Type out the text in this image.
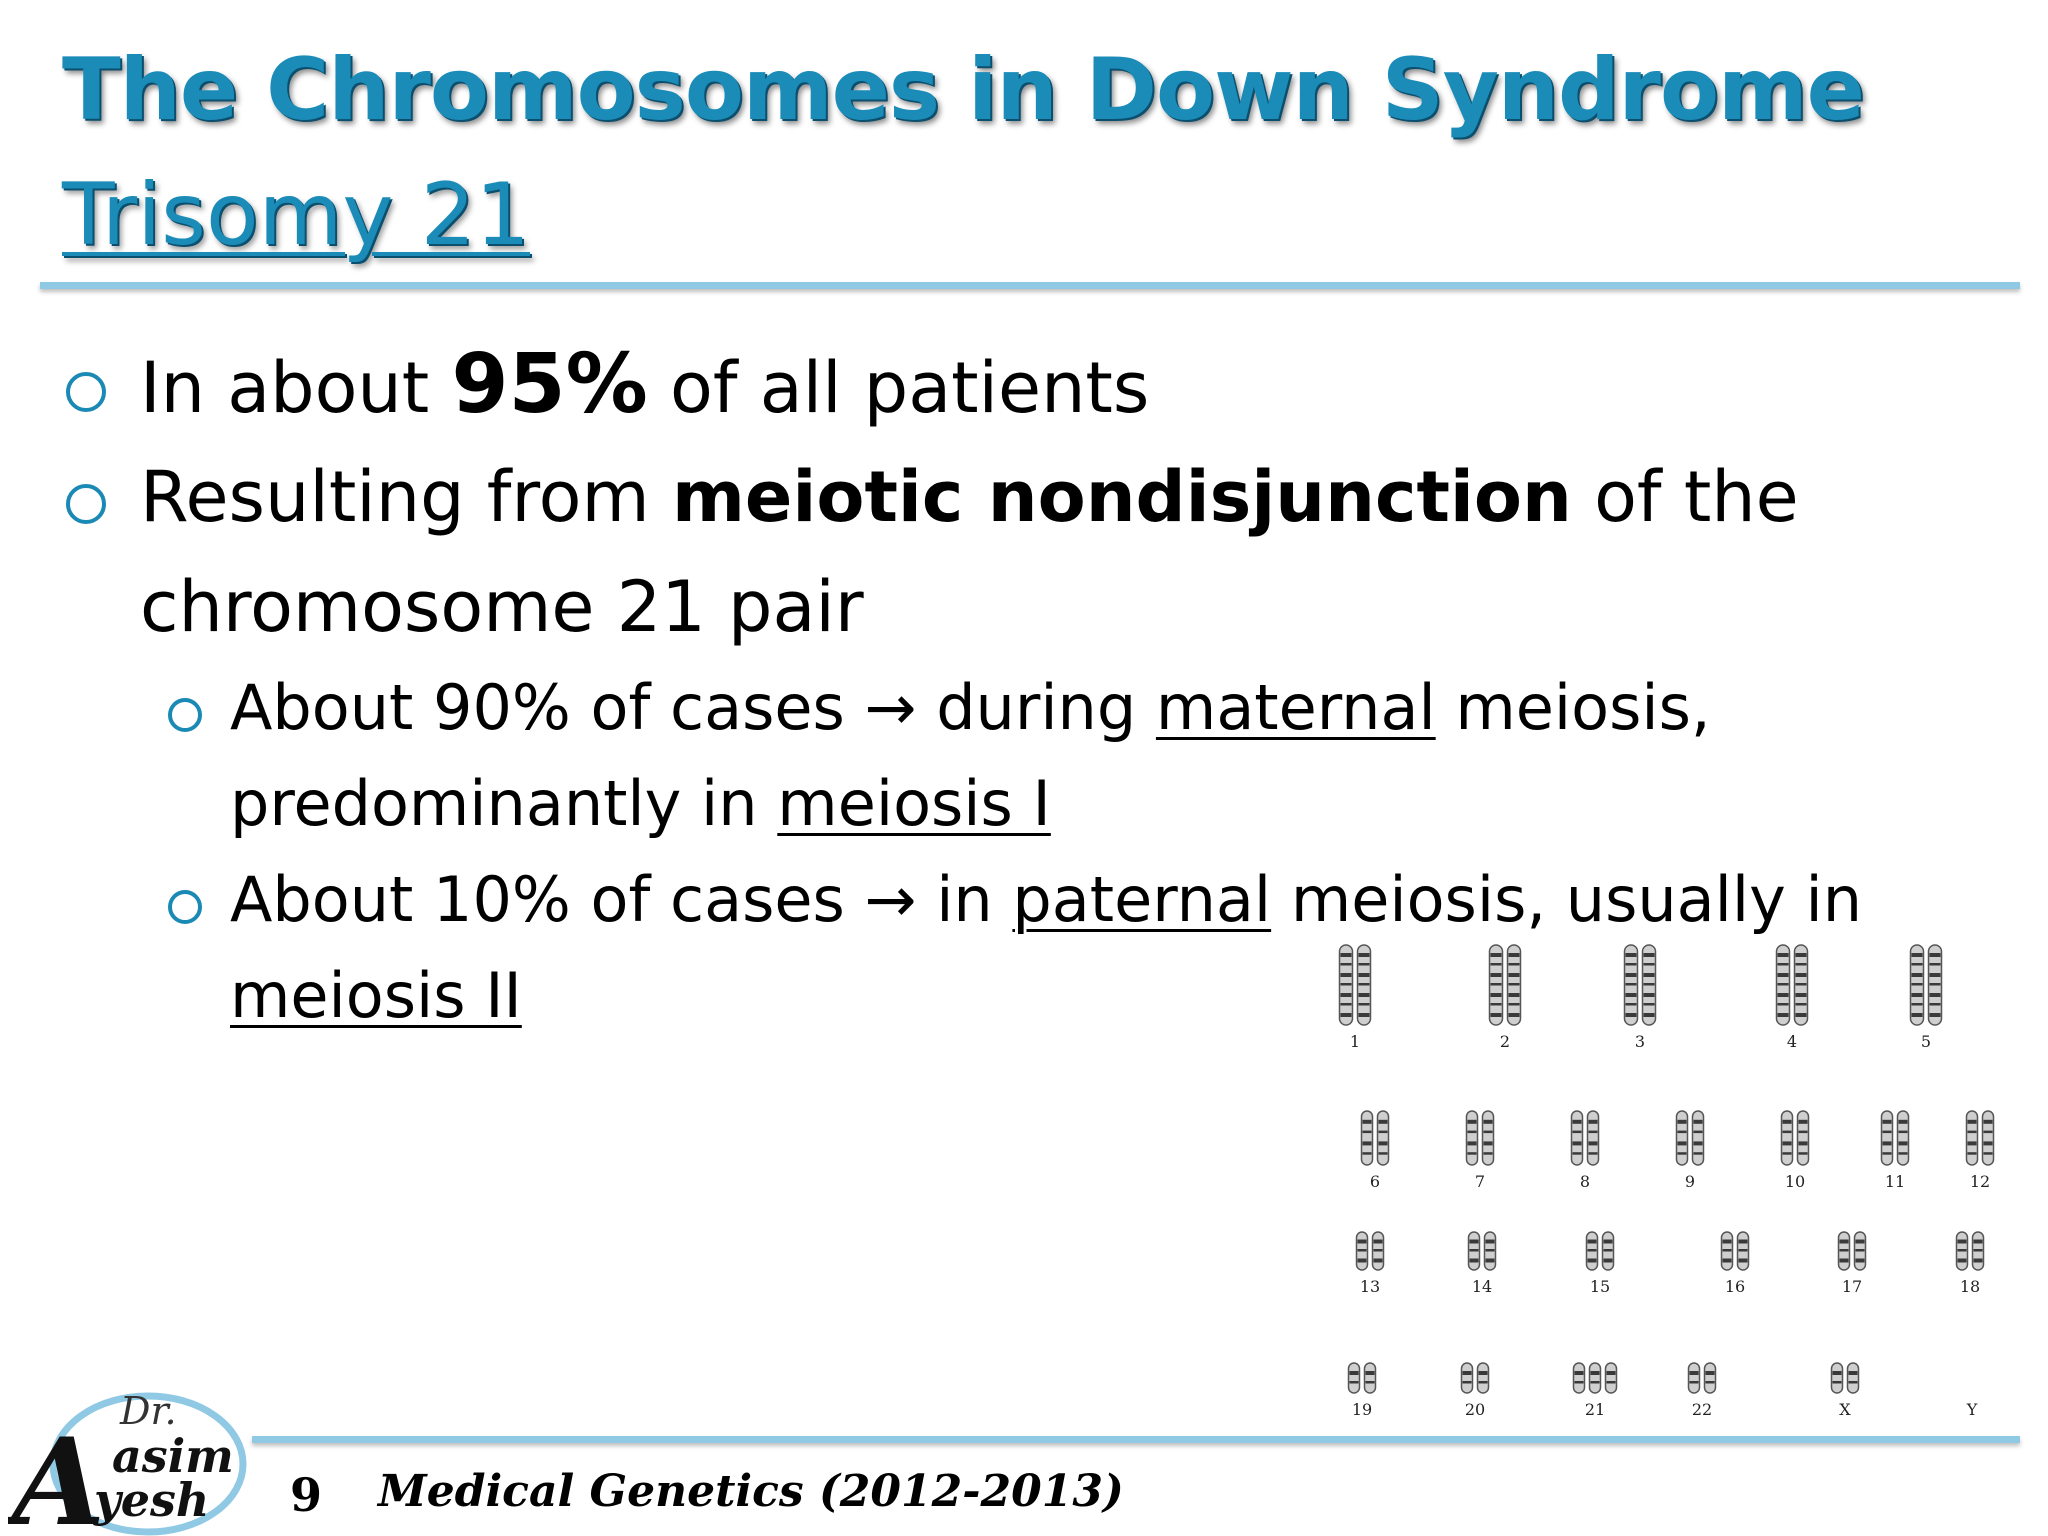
The Chromosomes in Down Syndrome
Trisomy 21
In about 95% of all patients
Resulting from meiotic nondisjunction of the
chromosome 21 pair
About 90% of cases → during maternal meiosis,
predominantly in meiosis I
About 10% of cases → in paternal meiosis, usually in
meiosis II
1	2	3	4	5
6	7	8	9	10	11	12
13	14	15	16	17	18
19	20	21	22	X	Y
Dr.
A asim
yesh 9 Medical Genetics (2012-2013)
